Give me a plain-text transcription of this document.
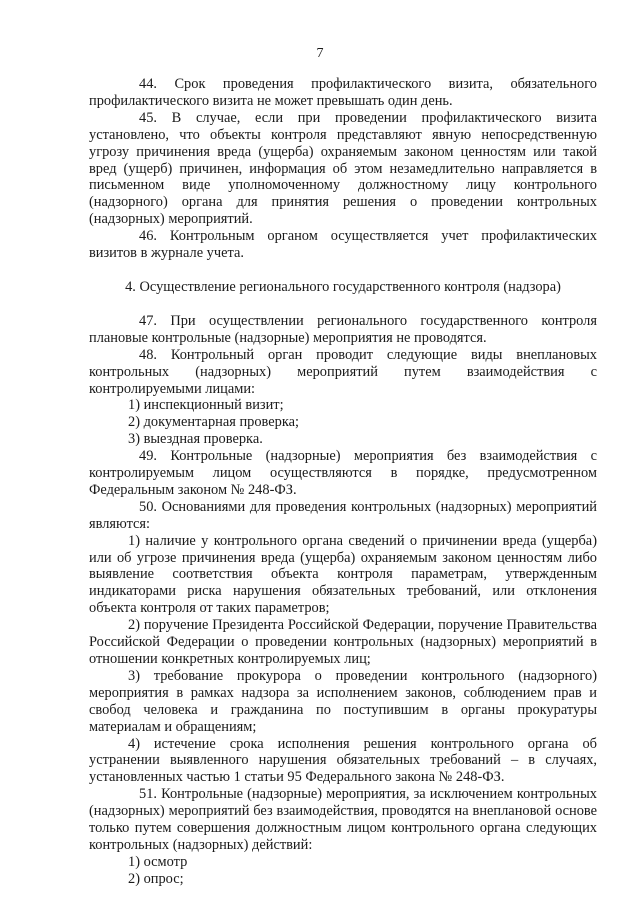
7

44. Срок проведения профилактического визита, обязательного профилактического визита не может превышать один день.

45. В случае, если при проведении профилактического визита установлено, что объекты контроля представляют явную непосредственную угрозу причинения вреда (ущерба) охраняемым законом ценностям или такой вред (ущерб) причинен, информация об этом незамедлительно направляется в письменном виде уполномоченному должностному лицу контрольного (надзорного) органа для принятия решения о проведении контрольных (надзорных) мероприятий.

46. Контрольным органом осуществляется учет профилактических визитов в журнале учета.

4. Осуществление регионального государственного контроля (надзора)

47. При осуществлении регионального государственного контроля плановые контрольные (надзорные) мероприятия не проводятся.

48. Контрольный орган проводит следующие виды внеплановых контрольных (надзорных) мероприятий путем взаимодействия с контролируемыми лицами:

1) инспекционный визит;

2) документарная проверка;

3) выездная проверка.

49. Контрольные (надзорные) мероприятия без взаимодействия с контролируемым лицом осуществляются в порядке, предусмотренном Федеральным законом № 248-ФЗ.

50. Основаниями для проведения контрольных (надзорных) мероприятий являются:

1) наличие у контрольного органа сведений о причинении вреда (ущерба) или об угрозе причинения вреда (ущерба) охраняемым законом ценностям либо выявление соответствия объекта контроля параметрам, утвержденным индикаторами риска нарушения обязательных требований, или отклонения объекта контроля от таких параметров;

2) поручение Президента Российской Федерации, поручение Правительства Российской Федерации о проведении контрольных (надзорных) мероприятий в отношении конкретных контролируемых лиц;

3) требование прокурора о проведении контрольного (надзорного) мероприятия в рамках надзора за исполнением законов, соблюдением прав и свобод человека и гражданина по поступившим в органы прокуратуры материалам и обращениям;

4) истечение срока исполнения решения контрольного органа об устранении выявленного нарушения обязательных требований – в случаях, установленных частью 1 статьи 95 Федерального закона № 248-ФЗ.

51. Контрольные (надзорные) мероприятия, за исключением контрольных (надзорных) мероприятий без взаимодействия, проводятся на внеплановой основе только путем совершения должностным лицом контрольного органа следующих контрольных (надзорных) действий:

1) осмотр

2) опрос;
